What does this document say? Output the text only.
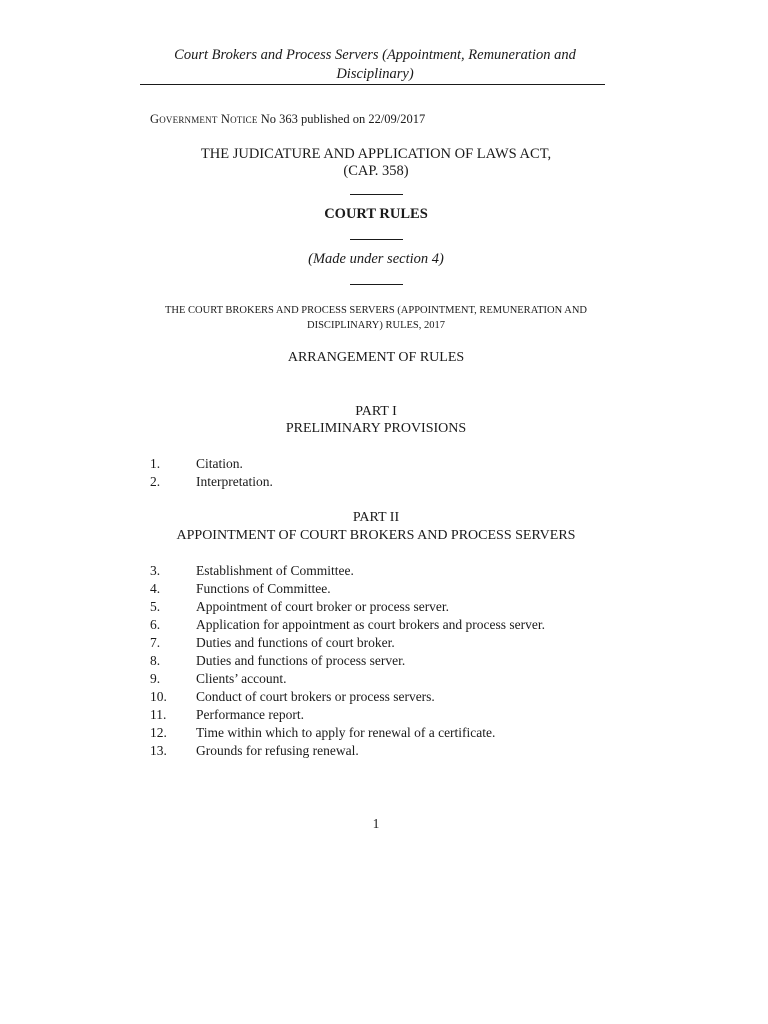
Court Brokers and Process Servers (Appointment, Remuneration and Disciplinary)
Government Notice No 363 published on 22/09/2017
THE JUDICATURE AND APPLICATION OF LAWS ACT,
(CAP. 358)
COURT RULES
(Made under section 4)
THE COURT BROKERS AND PROCESS SERVERS (APPOINTMENT, REMUNERATION AND DISCIPLINARY) RULES, 2017
ARRANGEMENT OF RULES
PART I
PRELIMINARY PROVISIONS
1.	Citation.
2.	Interpretation.
PART II
APPOINTMENT OF COURT BROKERS AND PROCESS SERVERS
3.	Establishment of Committee.
4.	Functions of Committee.
5.	Appointment of court broker or process server.
6.	Application for appointment as court brokers and process server.
7.	Duties and functions of court broker.
8.	Duties and functions of process server.
9.	Clients’ account.
10. Conduct of court brokers or process servers.
11. Performance report.
12. Time within which to apply for renewal of a certificate.
13. Grounds for refusing renewal.
1
